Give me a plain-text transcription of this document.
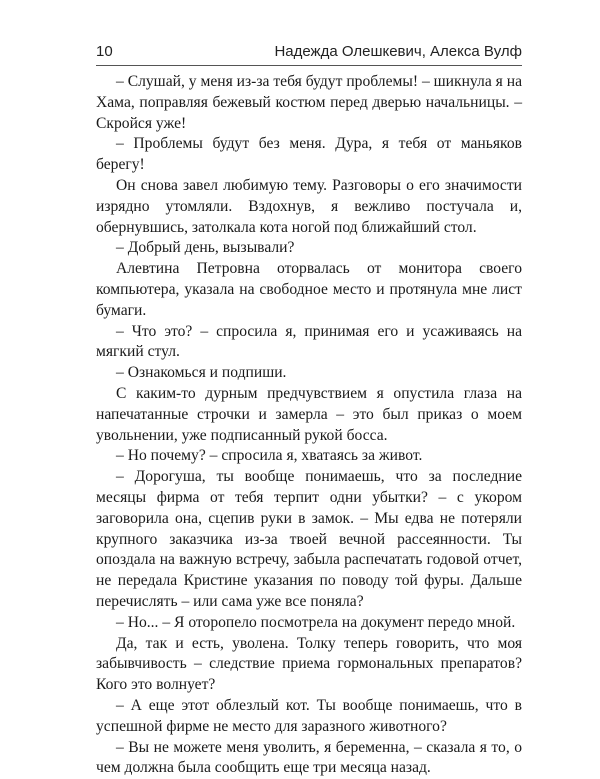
10	Надежда Олешкевич, Алекса Вулф

– Слушай, у меня из-за тебя будут проблемы! – шикнула я на Хама, поправляя бежевый костюм перед дверью начальницы. – Скройся уже!

– Проблемы будут без меня. Дура, я тебя от маньяков берегу!

Он снова завел любимую тему. Разговоры о его значимости изрядно утомляли. Вздохнув, я вежливо постучала и, обернувшись, затолкала кота ногой под ближайший стол.

– Добрый день, вызывали?

Алевтина Петровна оторвалась от монитора своего компьютера, указала на свободное место и протянула мне лист бумаги.

– Что это? – спросила я, принимая его и усаживаясь на мягкий стул.

– Ознакомься и подпиши.

С каким-то дурным предчувствием я опустила глаза на напечатанные строчки и замерла – это был приказ о моем увольнении, уже подписанный рукой босса.

– Но почему? – спросила я, хватаясь за живот.

– Дорогуша, ты вообще понимаешь, что за последние месяцы фирма от тебя терпит одни убытки? – с укором заговорила она, сцепив руки в замок. – Мы едва не потеряли крупного заказчика из-за твоей вечной рассеянности. Ты опоздала на важную встречу, забыла распечатать годовой отчет, не передала Кристине указания по поводу той фуры. Дальше перечислять – или сама уже все поняла?

– Но... – Я оторопело посмотрела на документ передо мной.

Да, так и есть, уволена. Толку теперь говорить, что моя забывчивость – следствие приема гормональных препаратов? Кого это волнует?

– А еще этот облезлый кот. Ты вообще понимаешь, что в успешной фирме не место для заразного животного?

– Вы не можете меня уволить, я беременна, – сказала я то, о чем должна была сообщить еще три месяца назад.
